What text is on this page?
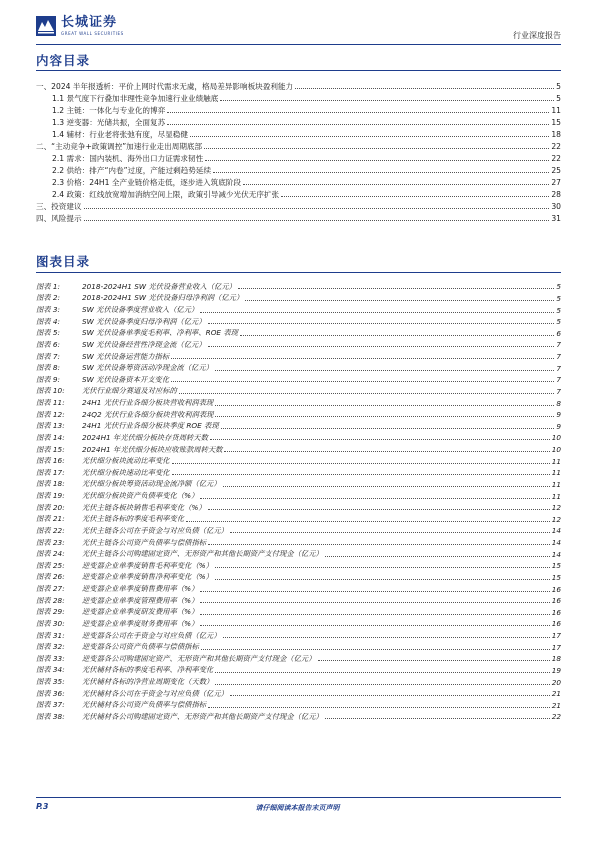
长城证券
GREAT WALL SECURITIES	行业深度报告
内容目录
一、2024 半年报透析：平价上网时代需求无虞，格局差异影响板块盈利能力	5
1.1 景气度下行叠加非理性竞争加速行业业绩触底	5
1.2 主链：一体化与专业化的博弈	11
1.3 逆变器：光储共振，全面复苏	15
1.4 辅材：行业老将张弛有度，尽显稳健	18
二、“主动竞争+政策调控”加速行业走出周期底部	22
2.1 需求：国内装机、海外出口力证需求韧性	22
2.2 供给：排产“内卷”过度，产能过剩趋势延续	25
2.3 价格：24H1 全产业链价格走低，逐步进入筑底阶段	27
2.4 政策：红线放宽增加消纳空间上限，政策引导减少光伏无序扩张	28
三、投资建议	30
四、风险提示	31
图表目录
图表 1:	2018-2024H1 SW 光伏设备营业收入（亿元）	5
图表 2:	2018-2024H1 SW 光伏设备归母净利润（亿元）	5
图表 3:	SW 光伏设备季度营业收入（亿元）	5
图表 4:	SW 光伏设备季度归母净利润（亿元）	5
图表 5:	SW 光伏设备单季度毛利率、净利率、ROE 表现	6
图表 6:	SW 光伏设备经营性净现金流（亿元）	7
图表 7:	SW 光伏设备运营能力指标	7
图表 8:	SW 光伏设备筹资活动净现金流（亿元）	7
图表 9:	SW 光伏设备资本开支变化	7
图表 10:	光伏行业细分赛道及对应标的	7
图表 11:	24H1 光伏行业各细分板块营收利润表现	8
图表 12:	24Q2 光伏行业各细分板块营收利润表现	9
图表 13:	24H1 光伏行业各细分板块季度 ROE 表现	9
图表 14:	2024H1 年光伏细分板块存货周转天数	10
图表 15:	2024H1 年光伏细分板块应收账款周转天数	10
图表 16:	光伏细分板块流动比率变化	11
图表 17:	光伏细分板块速动比率变化	11
图表 18:	光伏细分板块筹资活动现金流净额（亿元）	11
图表 19:	光伏细分板块资产负债率变化（%）	11
图表 20:	光伏主链各板块销售毛利率变化（%）	12
图表 21:	光伏主链各标的季度毛利率变化	12
图表 22:	光伏主链各公司在手资金与对应负债（亿元）	14
图表 23:	光伏主链各公司资产负债率与偿债指标	14
图表 24:	光伏主链各公司购建固定资产、无形资产和其他长期资产支付现金（亿元）	14
图表 25:	逆变器企业单季度销售毛利率变化（%）	15
图表 26:	逆变器企业单季度销售净利率变化（%）	15
图表 27:	逆变器企业单季度销售费用率（%）	16
图表 28:	逆变器企业单季度管理费用率（%）	16
图表 29:	逆变器企业单季度研发费用率（%）	16
图表 30:	逆变器企业单季度财务费用率（%）	16
图表 31:	逆变器各公司在手资金与对应负债（亿元）	17
图表 32:	逆变器各公司资产负债率与偿债指标	17
图表 33:	逆变器各公司购建固定资产、无形资产和其他长期资产支付现金（亿元）	18
图表 34:	光伏辅材各标的季度毛利率、净利率变化	19
图表 35:	光伏辅材各标的净营业周期变化（天数）	20
图表 36:	光伏辅材各公司在手资金与对应负债（亿元）	21
图表 37:	光伏辅材各公司资产负债率与偿债指标	21
图表 38:	光伏辅材各公司购建固定资产、无形资产和其他长期资产支付现金（亿元）	22
P.3	请仔细阅读本报告末页声明
